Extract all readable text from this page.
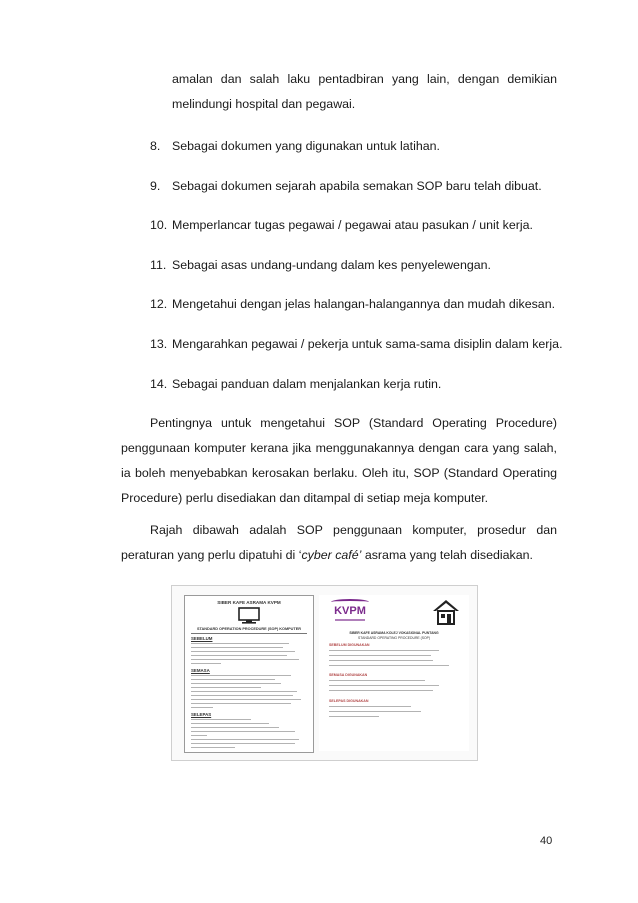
amalan dan salah laku pentadbiran yang lain, dengan demikian
melindungi hospital dan pegawai.
8. Sebagai dokumen yang digunakan untuk latihan.
9. Sebagai dokumen sejarah apabila semakan SOP baru telah dibuat.
10. Memperlancar tugas pegawai / pegawai atau pasukan / unit kerja.
11. Sebagai asas undang-undang dalam kes penyelewengan.
12. Mengetahui dengan jelas halangan-halangannya dan mudah dikesan.
13. Mengarahkan pegawai / pekerja untuk sama-sama disiplin dalam kerja.
14. Sebagai panduan dalam menjalankan kerja rutin.

Pentingnya untuk mengetahui SOP (Standard Operating Procedure) penggunaan komputer kerana jika menggunakannya dengan cara yang salah, ia boleh menyebabkan kerosakan berlaku. Oleh itu, SOP (Standard Operating Procedure) perlu disediakan dan ditampal di setiap meja komputer.

Rajah dibawah adalah SOP penggunaan komputer, prosedur dan peraturan yang perlu dipatuhi di ‘cyber café’ asrama yang telah disediakan.

SIBER KAFE ASRAMA KVPM
STANDARD OPERATION PROCEDURE (SOP) KOMPUTER
SEBELUM
SEMASA
SELEPAS
KVPM
SIBER KAFE ASRAMA KOLEJ VOKASIONAL PUNTANG
STANDARD OPERATING PROCEDURE (SOP)
SEBELUM DIGUNAKAN
SEMASA DIGUNAKAN
SELEPAS DIGUNAKAN
40
